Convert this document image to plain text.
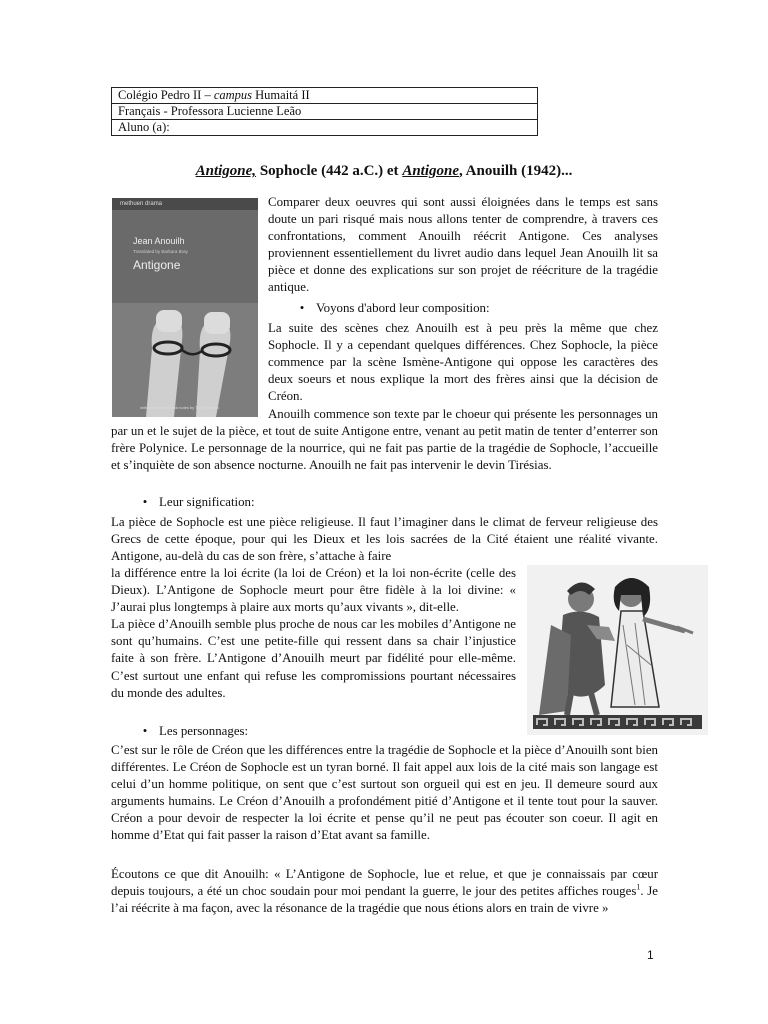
Colégio Pedro II – campus Humaitá II
Français - Professora Lucienne Leão
Aluno (a):
Antigone, Sophocle (442 a.C.) et Antigone, Anouilh (1942)...
methuen drama
Jean Anouilh
Translated by Barbara Bray
Antigone
with commentary and notes by Ted Freeman

Comparer deux oeuvres qui sont aussi éloignées dans le temps est sans doute un pari risqué mais nous allons tenter de comprendre, à travers ces confrontations, comment Anouilh réécrit Antigone. Ces analyses proviennent essentiellement du livret audio dans lequel Jean Anouilh lit sa pièce et donne des explications sur son projet de réécriture de la tragédie antique.

• Voyons d'abord leur composition:

La suite des scènes chez Anouilh est à peu près la même que chez Sophocle. Il y a cependant quelques différences. Chez Sophocle, la pièce commence par la scène Ismène-Antigone qui oppose les caractères des deux soeurs et nous explique la mort des frères ainsi que la décision de Créon.

Anouilh commence son texte par le choeur qui présente les personnages un par un et le sujet de la pièce, et tout de suite Antigone entre, venant au petit matin de tenter d’enterrer son frère Polynice. Le personnage de la nourrice, qui ne fait pas partie de la tragédie de Sophocle, l’accueille et s’inquiète de son absence nocturne. Anouilh ne fait pas intervenir le devin Tirésias.

• Leur signification:

La pièce de Sophocle est une pièce religieuse. Il faut l’imaginer dans le climat de ferveur religieuse des Grecs de cette époque, pour qui les Dieux et les lois sacrées de la Cité étaient une réalité vivante. Antigone, au-delà du cas de son frère, s’attache à faire

la différence entre la loi écrite (la loi de Créon) et la loi non-écrite (celle des Dieux). L’Antigone de Sophocle meurt pour être fidèle à la loi divine: « J’aurai plus longtemps à plaire aux morts qu’aux vivants », dit-elle.

La pièce d’Anouilh semble plus proche de nous car les mobiles d’Antigone ne sont qu’humains. C’est une petite-fille qui ressent dans sa chair l’injustice faite à son frère. L’Antigone d’Anouilh meurt par fidélité pour elle-même. C’est surtout une enfant qui refuse les compromissions pourtant nécessaires du monde des adultes.

• Les personnages:

C’est sur le rôle de Créon que les différences entre la tragédie de Sophocle et la pièce d’Anouilh sont bien différentes. Le Créon de Sophocle est un tyran borné. Il fait appel aux lois de la cité mais son langage est celui d’un homme politique, on sent que c’est surtout son orgueil qui est en jeu. Il demeure sourd aux arguments humains. Le Créon d’Anouilh a profondément pitié d’Antigone et il tente tout pour la sauver. Créon a pour devoir de respecter la loi écrite et pense qu’il ne peut pas écouter son coeur. Il agit en homme d’Etat qui fait passer la raison d’Etat avant sa famille.

Écoutons ce que dit Anouilh: « L’Antigone de Sophocle, lue et relue, et que je connaissais par cœur depuis toujours, a été un choc soudain pour moi pendant la guerre, le jour des petites affiches rouges$^1$. Je l’ai réécrite à ma façon, avec la résonance de la tragédie que nous étions alors en train de vivre »

1
